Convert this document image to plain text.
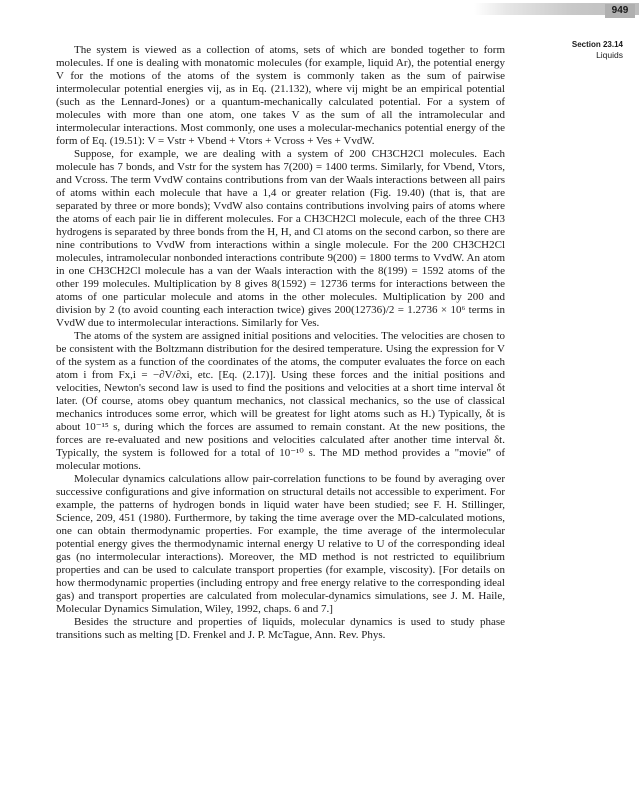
949
Section 23.14
Liquids

The system is viewed as a collection of atoms, sets of which are bonded together to form molecules. If one is dealing with monatomic molecules (for example, liquid Ar), the potential energy V for the motions of the atoms of the system is commonly taken as the sum of pairwise intermolecular potential energies vij, as in Eq. (21.132), where vij might be an empirical potential (such as the Lennard-Jones) or a quantum-mechanically calculated potential. For a system of molecules with more than one atom, one takes V as the sum of all the intramolecular and intermolecular interactions. Most commonly, one uses a molecular-mechanics potential energy of the form of Eq. (19.51): V = Vstr + Vbend + Vtors + Vcross + Ves + VvdW.

Suppose, for example, we are dealing with a system of 200 CH3CH2Cl molecules. Each molecule has 7 bonds, and Vstr for the system has 7(200) = 1400 terms. Similarly, for Vbend, Vtors, and Vcross. The term VvdW contains contributions from van der Waals interactions between all pairs of atoms within each molecule that have a 1,4 or greater relation (Fig. 19.40) (that is, that are separated by three or more bonds); VvdW also contains contributions involving pairs of atoms where the atoms of each pair lie in different molecules. For a CH3CH2Cl molecule, each of the three CH3 hydrogens is separated by three bonds from the H, H, and Cl atoms on the second carbon, so there are nine contributions to VvdW from interactions within a single molecule. For the 200 CH3CH2Cl molecules, intramolecular nonbonded interactions contribute 9(200) = 1800 terms to VvdW. An atom in one CH3CH2Cl molecule has a van der Waals interaction with the 8(199) = 1592 atoms of the other 199 molecules. Multiplication by 8 gives 8(1592) = 12736 terms for interactions between the atoms of one particular molecule and atoms in the other molecules. Multiplication by 200 and division by 2 (to avoid counting each interaction twice) gives 200(12736)/2 = 1.2736 × 10⁶ terms in VvdW due to intermolecular interactions. Similarly for Ves.

The atoms of the system are assigned initial positions and velocities. The velocities are chosen to be consistent with the Boltzmann distribution for the desired temperature. Using the expression for V of the system as a function of the coordinates of the atoms, the computer evaluates the force on each atom i from Fx,i = −∂V/∂xi, etc. [Eq. (2.17)]. Using these forces and the initial positions and velocities, Newton's second law is used to find the positions and velocities at a short time interval δt later. (Of course, atoms obey quantum mechanics, not classical mechanics, so the use of classical mechanics introduces some error, which will be greatest for light atoms such as H.) Typically, δt is about 10⁻¹⁵ s, during which the forces are assumed to remain constant. At the new positions, the forces are re-evaluated and new positions and velocities calculated after another time interval δt. Typically, the system is followed for a total of 10⁻¹⁰ s. The MD method provides a "movie" of molecular motions.

Molecular dynamics calculations allow pair-correlation functions to be found by averaging over successive configurations and give information on structural details not accessible to experiment. For example, the patterns of hydrogen bonds in liquid water have been studied; see F. H. Stillinger, Science, 209, 451 (1980). Furthermore, by taking the time average over the MD-calculated motions, one can obtain thermodynamic properties. For example, the time average of the intermolecular potential energy gives the thermodynamic internal energy U relative to U of the corresponding ideal gas (no intermolecular interactions). Moreover, the MD method is not restricted to equilibrium properties and can be used to calculate transport properties (for example, viscosity). [For details on how thermodynamic properties (including entropy and free energy relative to the corresponding ideal gas) and transport properties are calculated from molecular-dynamics simulations, see J. M. Haile, Molecular Dynamics Simulation, Wiley, 1992, chaps. 6 and 7.]

Besides the structure and properties of liquids, molecular dynamics is used to study phase transitions such as melting [D. Frenkel and J. P. McTague, Ann. Rev. Phys.
